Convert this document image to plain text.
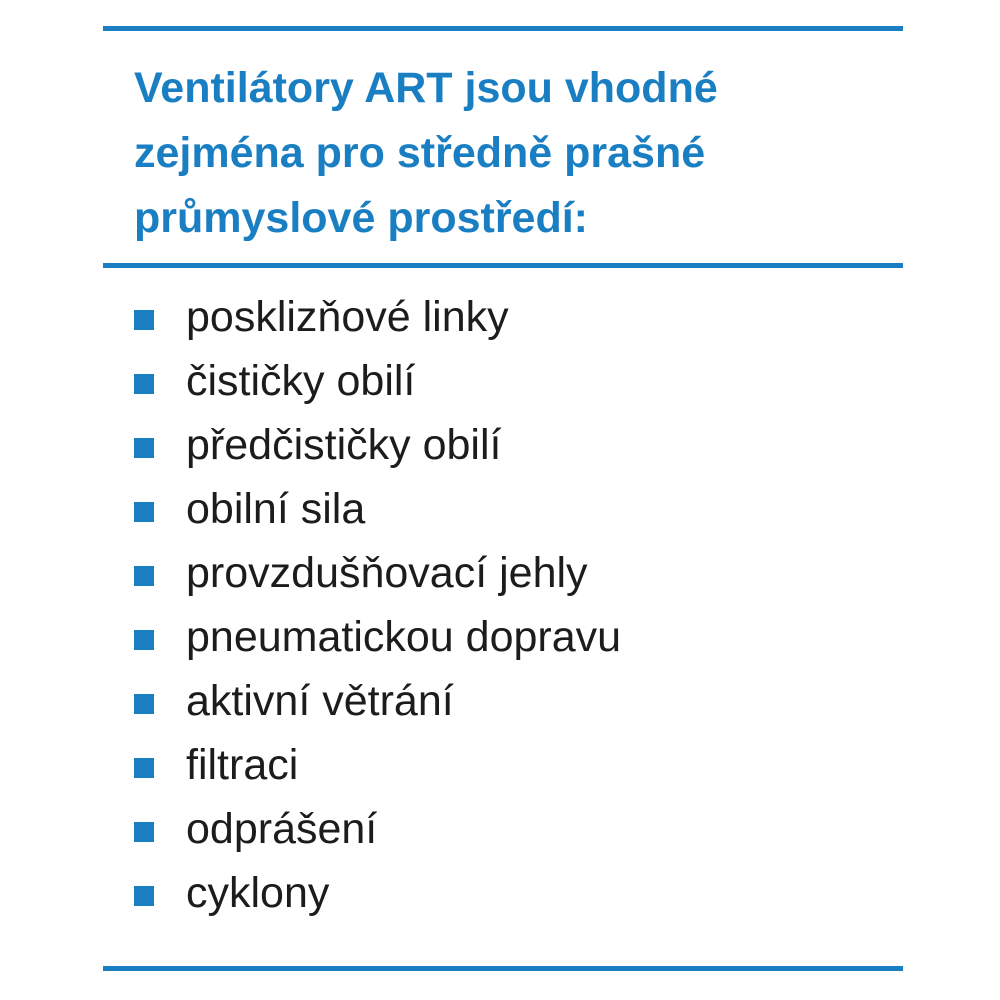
Ventilátory ART jsou vhodné
zejména pro středně prašné
průmyslové prostředí:
posklizňové linky
čističky obilí
předčističky obilí
obilní sila
provzdušňovací jehly
pneumatickou dopravu
aktivní větrání
filtraci
odprášení
cyklony
